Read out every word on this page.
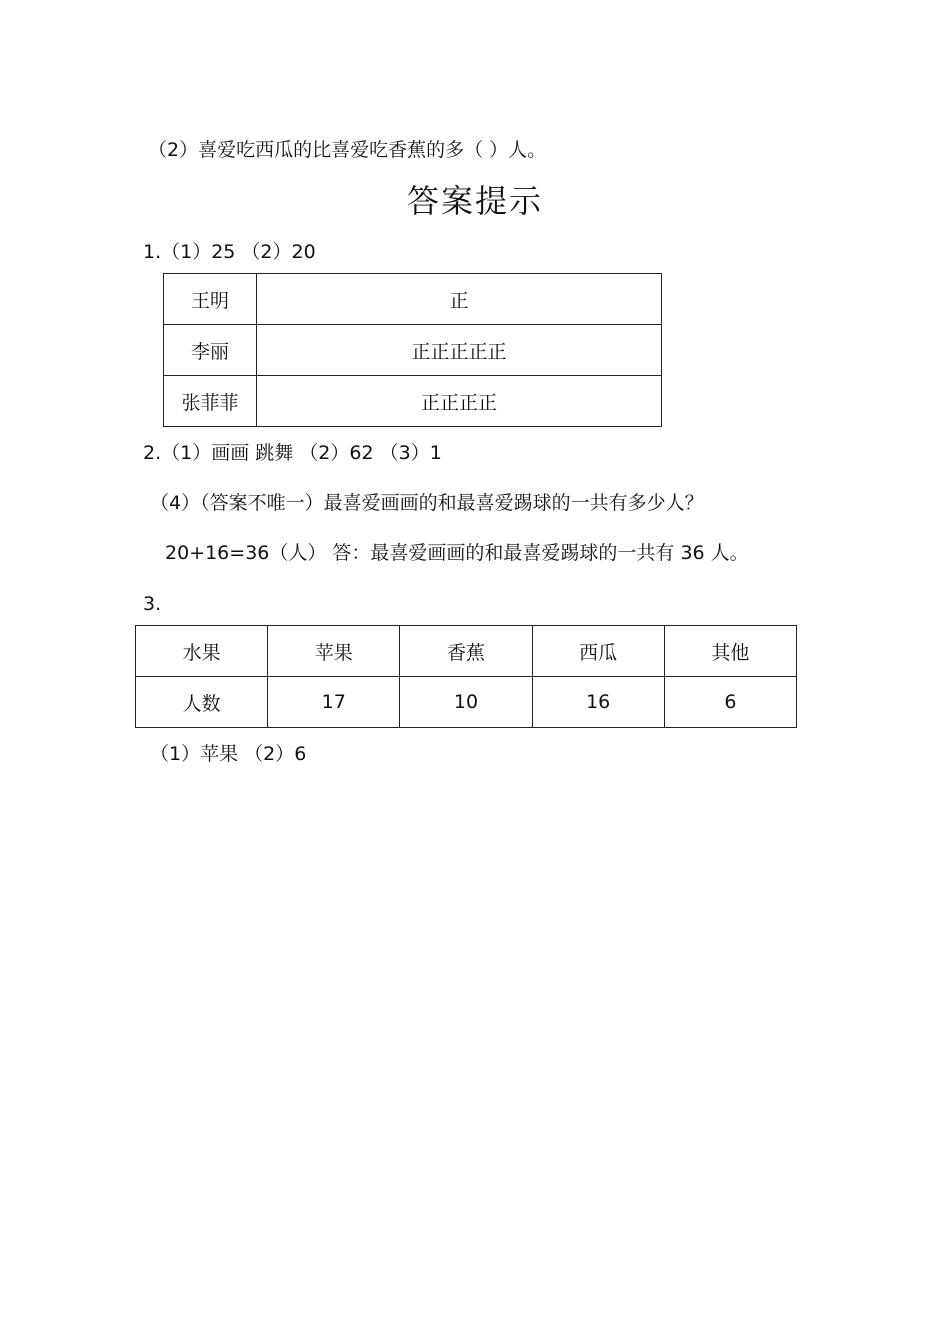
（2）喜爱吃西瓜的比喜爱吃香蕉的多（ ）人。
答案提示
1.（1）25 （2）20
王明	正
李丽	正正正正正
张菲菲	正正正正
2.（1）画画 跳舞 （2）62 （3）1
（4）（答案不唯一）最喜爱画画的和最喜爱踢球的一共有多少人？
20+16=36（人） 答：最喜爱画画的和最喜爱踢球的一共有 36 人。
3.
水果	苹果	香蕉	西瓜	其他
人数	17	10	16	6
（1）苹果 （2）6
